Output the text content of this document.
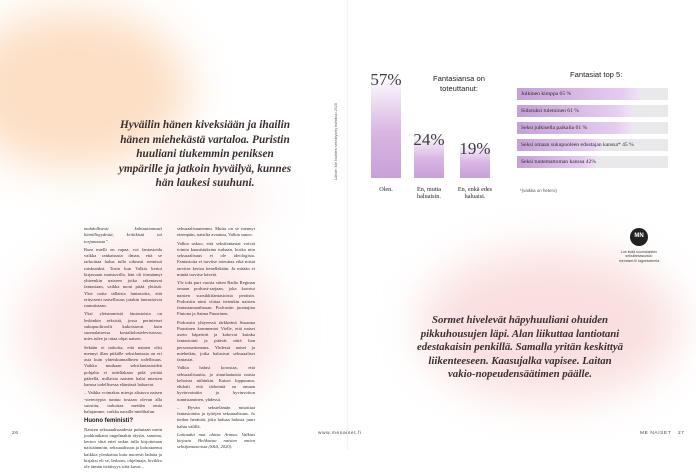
Hyväilin hänen kiveksiään ja ihailin hänen miehekästä vartaloa. Puristin huuliani tiukemmin peniksen ympärille ja jatkoin hyväilyä, kunnes hän laukesi suuhuni.

mahdollisesti kohtuuttomasti hämillisyydestä, kritiikistä tai torjunnasta”.

Rum mielli on vapaa, voi fantasioida vaikka rankaisusta ilman, että se tarkoittaa halua tulla oikeasti riemissä ruiskutuksi. Tosin kun Valkia kertoi kirjassaan maistuvilla, hän oli törmännyt yhteenkin naiseen jotka rakentavat fantasiaan, vaikka moni pitää yhtäsiä. Yksi noita tällaisia fantasioita, että erityisesti naisellisuus jotakin fantasioivat ruumiistaan.

Yksi yleisimmistä fantasioista on lesbinkin seksistä, jossa perinteiset sukupuoliroolit kukoistavat kuin suomalaisessa kostaliolostelevisiossa; mies tulee ja ottaa ohjat naisen.

Sekään ei tarkoita, että nainen olisi mennyt illan pitkälle seksifantasia on eri asia kuin yhteiskunnallinen todellisuus. Vaikka muikaan seksifantasioiden pohjalta ei todellakaan pidä yrittää päätellä, millaisia naisten halut miesten kanssa todellisessa elämässä haluavat.

– Vaikka voimakas miesja alistuva naisen -stereotypia tuntuu tosiaan olevan alla suosittu, tarkoitaa meidän omia halujamme, vaikka naisille mielihalun.

Huono feministi?

Naisten seksuaalisuudesta puhutaan usein juokkiaikana ongelmakin täysin, sanoina, kertoo siitä ettei onkin tulla kirjoitetaan naisiäännöin, seksuaalisuus ja kohottaenut kaikkia ylenkattaa kuin nuoresti ladatta ja kirjaksi eli se, lesbous, ohjelmaja, kivikko ole tämän tietäisyys siitä kuvat...

seksuaalisuutenmu. Mutta on se mennyt eteenpäin, naisilta avautuu, Valkia sanoo.

Valkia uskoo, että seksifantasiat voivat toimia kaunistuksina turhaan, koska niin seksuaalisuus ei ole ideologista. Fantasioita ei tarvitse toteuttaa eikä niistä tarvitse kertoa kenellekään. Ja mitään ei minää tarvitse hävetä.

Yle toki puri vuosia sitten Radio Reginan omaan podcast-sarjaan, joka koostui naisten suosikkifantasioista peräisin. Podcastin nimi viittaa tietenkin naisten fantasiamaailmaan. Podcastin juontajina Fintona ja Saima Puustinen.

Podcastin yhtyeessä tärkkeänä Susanna Puustinen kommentoi Vielle, että naiset usein häpeävät ja kokevat kuinka fantasiointi ja pitävät niitä lian persoonattomana. Yhdessä naiset ja miehetkin, jotka halusivat seksuaaliset fantasiat.

Valkia halusi korostaa, että seksuaalisuutta, ja ainutlaatuista naista kehoista niihinkin. Katsoi loppuunsa, ehdotti että tärkeintä on omaan hyvinvointiin ja hyvinvoiton tunnistaminen, yhdessä.

– Hyvän seksielämän mitoittaa fantasiointia ja tyttöjen seksuaalisuus. Jo tiedon herättää, joka haluaa halusta juuri kahta välillä.

Laitaudut mut ohitsa Armaa. Valkias kirjasta Hehkuvaa naisten omien seksifantasioista (S&S, 2020).

Lähde: Me Naisten seksikysely huhtikuu 2020
Fantasiansa on toteuttanut:
57%
Olen.
24%
En, mutta haluaisin.
19%
En, enkä edes haluaisi.
Fantasiat top 5:
Julkinen kimppa 65 %
Sidotuksi tuleminen 61 %
Seksi julkisella paikalla 61 %
Seksi omaan sukupuoleen edustajan kanssa* 45 %
Seksi tuntemattoman kanssa 42%
*(vaikka on hetero)
MN
Lue lisää suomalaisten seksifantasioista: menaiset.fi/ tagseksikerta
Sormet hivelevät häpyhuuliani ohuiden pikkuhousujen läpi. Alan liikuttaa lantiotani edestakaisin penkillä. Samalla yritän keskittyä liikenteeseen. Kaasujalka vapisee. Laitan vakio-nopeudensäätimen päälle.
26	www.menaiset.fi	ME NAISET 27
